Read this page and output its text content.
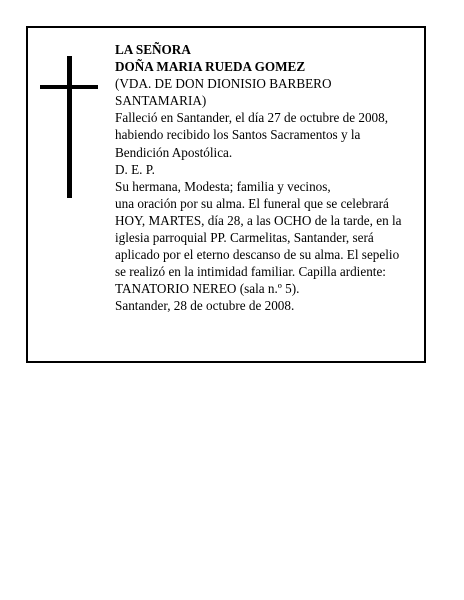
LA SEÑORA

DOÑA MARIA RUEDA GOMEZ

(VDA. DE DON DIONISIO BARBERO

SANTAMARIA)

Falleció en Santander, el día 27 de octubre de 2008,

habiendo recibido los Santos Sacramentos y la

Bendición Apostólica.

D. E. P.

Su hermana, Modesta; familia y vecinos,

una oración por su alma. El funeral que se celebrará

HOY, MARTES, día 28, a las OCHO de la tarde, en la

iglesia parroquial PP. Carmelitas, Santander, será

aplicado por el eterno descanso de su alma. El sepelio

se realizó en la intimidad familiar. Capilla ardiente:

TANATORIO NEREO (sala n.º 5).

Santander, 28 de octubre de 2008.
